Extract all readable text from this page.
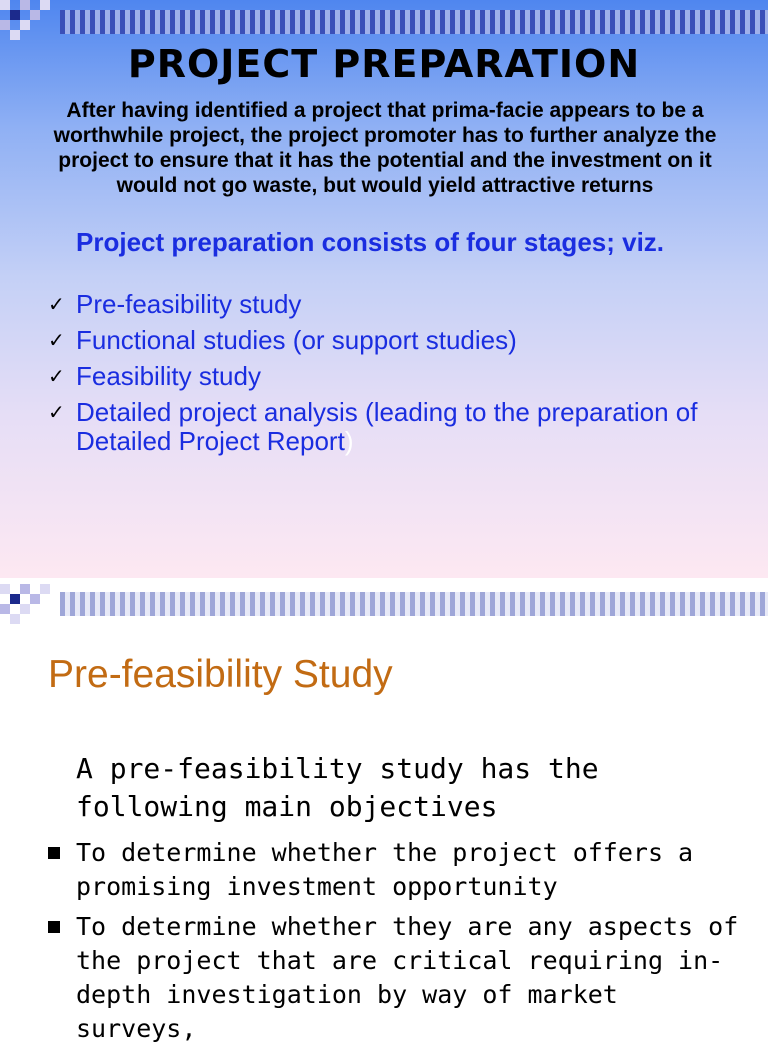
PROJECT PREPARATION
After having identified a project that prima-facie appears to be a worthwhile project, the project promoter has to further analyze the project to ensure that it has the potential and the investment on it would not go waste, but would yield attractive returns
Project preparation consists of four stages; viz.
✓ Pre-feasibility study
✓ Functional studies (or support studies)
✓ Feasibility study
✓ Detailed project analysis (leading to the preparation of Detailed Project Report)
Pre-feasibility Study
A pre-feasibility study has the following main objectives
To determine whether the project offers a promising investment opportunity
To determine whether they are any aspects of the project that are critical requiring in-depth investigation by way of market surveys,
